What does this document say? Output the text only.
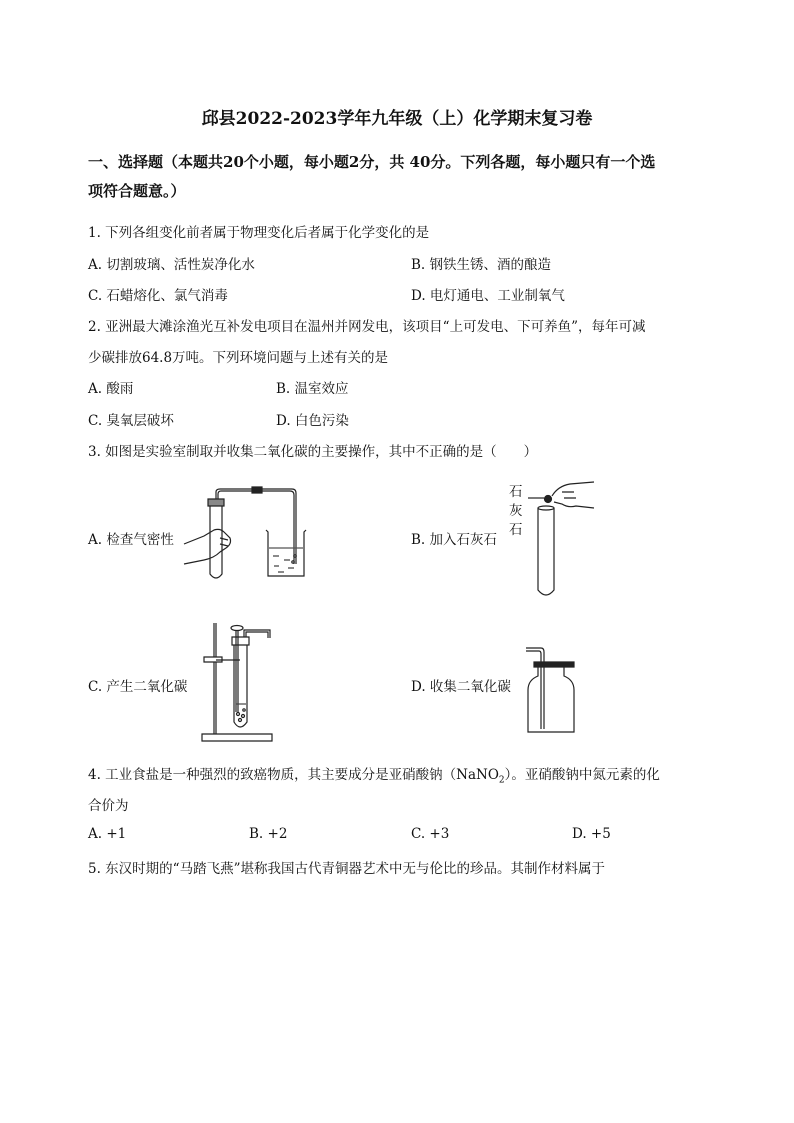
邱县2022-2023学年九年级（上）化学期末复习卷
一、选择题（本题共20个小题，每小题2分，共 40分。下列各题，每小题只有一个选
项符合题意。）
1. 下列各组变化前者属于物理变化后者属于化学变化的是
A. 切割玻璃、活性炭净化水	B. 钢铁生锈、酒的酿造
C. 石蜡熔化、氯气消毒	D. 电灯通电、工业制氧气
2. 亚洲最大滩涂渔光互补发电项目在温州并网发电，该项目“上可发电、下可养鱼”，每年可减
少碳排放64.8万吨。下列环境问题与上述有关的是
A. 酸雨	B. 温室效应
C. 臭氧层破坏	D. 白色污染
3. 如图是实验室制取并收集二氧化碳的主要操作，其中不正确的是（　　）
A. 检查气密性	B. 加入石灰石
C. 产生二氧化碳	D. 收集二氧化碳
石
灰
石
4. 工业食盐是一种强烈的致癌物质，其主要成分是亚硝酸钠（NaNO$_2$）。亚硝酸钠中氮元素的化
合价为
A. +1	B. +2	C. +3	D. +5
5. 东汉时期的“马踏飞燕”堪称我国古代青铜器艺术中无与伦比的珍品。其制作材料属于
